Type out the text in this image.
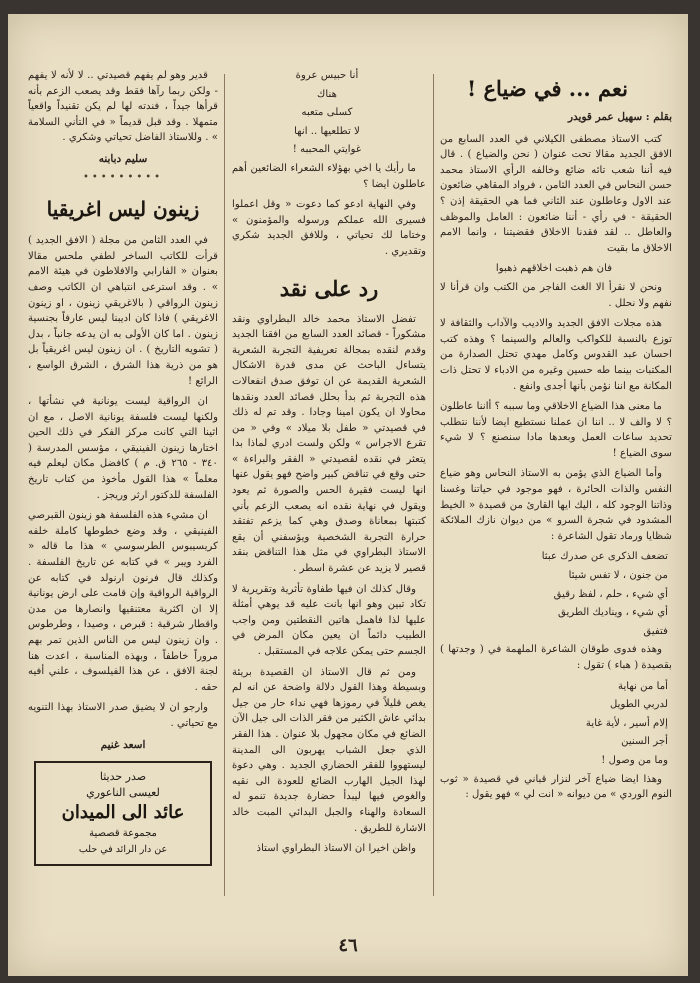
نعم ... في ضياع !
بقلم : سهيل عمر قويدر

كتب الاستاذ مصطفى الكيلاني في العدد السابع من الافق الجديد مقالا تحت عنوان ( نحن والضياع ) . قال فيه أننا شعب تائه ضائع وخالفه الرأي الاستاذ محمد حسن النحاس في العدد الثامن ، فرواد المقاهي ضائعون عند الاول وعاطلون عند الثاني فما هي الحقيقة إذن ؟ الحقيقة - في رأي - أننا ضائعون : العامل والموظف والعاطل .. لقد فقدنا الاخلاق فقضيتنا ، وانما الامم الاخلاق ما بقيت

فان هم ذهبت اخلاقهم ذهبوا

ونحن لا نقرأ الا الغث الفاجر من الكتب وان قرأنا لا نفهم ولا نحلل .

هذه مجلات الافق الجديد والاديب والآداب والثقافة لا توزع بالنسبة للكواكب والعالم والسينما ؟ وهذه كتب احسان عبد القدوس وكامل مهدي تحتل الصدارة من المكتبات بينما طه حسين وغيره من الادباء لا تحتل ذات المكانة مع اننا نؤمن بأنها أجدى وانفع .

ما معنى هذا الضياع الاخلاقي وما سببه ؟ أاننا عاطلون ؟ لا والف لا .. اننا ان عملنا نستطيع ايضا لأننا نتطلب تحديد ساعات العمل وبعدها مادا سنصنع ؟ لا شيء سوى الضياع !

وأما الضياع الذي يؤمن به الاستاذ النحاس وهو ضياع النفس والذات الحائرة ، فهو موجود في حياتنا وغسنا وذاتنا الوجود كله ، اليك ايها القارئ من قصيدة « الخيط المشدود في شجرة السرو » من ديوان نازك الملائكة شظايا ورماد تقول الشاعرة :

تضعف الذكرى عن صدرك عبثا

من جنون ، لا تفس شيئا

أي شيء ، حلم ، لفظ رقيق

أي شيء ، ويناديك الطريق

فتفيق

وهذه فدوى طوقان الشاعرة الملهمة في ( وجدتها ) بقصيدة ( هباء ) تقول :

أما من نهاية

لدربي الطويل

إلام أسير ، لأية غاية

أجر السنين

وما من وصول !

وهذا ايضا ضياع آخر لنزار قباني في قصيدة « ثوب النوم الوردي » من ديوانه « انت لي » فهو يقول :

أنا حبيس عروة

هناك

كسلى متعبه

لا تطلعيها .. انها

غوايتي المحببه !

ما رأيك يا اخي بهؤلاء الشعراء الضائعين أهم عاطلون ايضا ؟

وفي النهاية ادعو كما دعوت « وقل اعملوا فسيرى الله عملكم ورسوله والمؤمنون » وختاما لك تحياتي ، وللافق الجديد شكري وتقديري .

رد على نقد

تفضل الاستاذ محمد خالد البطراوي ونقد مشكوراً - قصائد العدد السابع من افقنا الجديد وقدم لنقده بمجالة تعريفية التجربة الشعرية يتساءل الباحث عن مدى قدرة الاشكال الشعرية القديمة عن ان توفق صدق انفعالات هذه التجربة ثم بدأ بحلل قصائد العدد ونقدها محاولا ان يكون امينا وجادا . وقد تم له ذلك في قصيدتي « طفل بلا ميلاد » وفي « من تقرع الاجراس » ولكن ولست ادري لماذا بدا يتعثر في نقده لقصيدتي « الفقر والبراءة » حتى وقع في تناقض كبير واضح فهو يقول عنها انها ليست فقيرة الحس والصورة ثم يعود ويقول في نهاية نقده انه يصعب الزعم بأني كتبتها بمعاناة وصدق وهي كما يزعم تفتقد حرارة التجربة الشخصية ويؤسفني أن يقع الاستاذ البطراوي في مثل هذا التناقض بنقد قصير لا يزيد عن عشرة اسطر .

وقال كذلك ان فيها طفاوة تأثرية وتقريرية لا تكاد تبين وهو انها بانت عليه قد يوهي أمثلة عليها لذا فاهمل هاتين النقطتين ومن واجب الطبيب دائماً ان يعين مكان المرض في الجسم حتى يمكن علاجه في المستقبل .

ومن ثم قال الاستاذ ان القصيدة بريئة وبسيطة وهذا القول دلالة واضحة عن انه لم يغص قليلاً في رموزها فهي نداء حار من جيل بدائي عاش الكثير من فقر الذات الى جيل الآن الضائع في مكان مجهول بلا عنوان . هذا الفقر الذي جعل الشباب يهربون الى المدينة ليستهووا للفقر الحضاري الجديد . وهي دعوة لهذا الجيل الهارب الضائع للعودة الى نقيه والغوص فيها ليبدأ حضارة جديدة تنمو له السعادة والهناء والجبل البدائي المبت خالد الاشارة للطريق .

واظن اخيرا ان الاستاذ البطراوي استاذ

قدير وهو لم يفهم قصيدتي .. لا لأنه لا يفهم - ولكن ربما رآها فقط وقد يصعب الزعم بأنه قرأها جيداً ، فندته لها لم يكن تقنيداً واقعياً متمهلا . وقد قبل قديماً « في التأني السلامة » . وللاستاذ الفاضل تحياتي وشكري .

سليم دبابنه
•••••••••
زينون ليس اغريقيا

في العدد الثامن من مجلة ( الافق الجديد ) قرأت للكاتب الساخر لطفي ملحس مقالا بعنوان « الفارابي والافلاطون في هيئة الامم » . وقد استرعى انتباهي ان الكاتب وصف زينون الرواقي ( بالاغريقي زينون ، او زينون الاغريقي ) فاذا كان اديبنا ليس عارفاً بجنسية زينون . اما كان الأولى به ان يدعه جانباً ، بدل ( تشويه التاريخ ) . ان زينون ليس اغريقياً بل هو من ذرية هذا الشرق ، الشرق الواسع ، الرائع !

ان الرواقية ليست يونانية في نشأتها ، ولكنها ليست فلسفة يونانية الاصل ، مع ان اثينا التي كانت مركز الفكر في ذلك الحين اختارها زينون الفينيقي ، مؤسس المدرسة ( ٣٤٠ - ٢٦٥ ق. م ) كافضل مكان ليعلم فيه معلماً » هذا القول مأخوذ من كتاب تاريخ الفلسفة للدكتور ارثر وريجز .

ان مشيء هذه الفلسفة هو زينون القبرصي الفينيقي ، وقد وضع خطوطها كاملة خلفه كريسيبوس الطرسوسي » هذا ما قاله « الفرد ويبر » في كتابه عن تاريخ الفلسفة . وكذلك قال فرنون ارنولد في كتابه عن الرواقية الرواقية وإن قامت على ارض يونانية إلا ان اكثرية معتنقيها وانصارها من مدن واقطار شرقية : قبرص ، وصيدا ، وطرطوس . وان زينون ليس من الناس الذين تمر بهم مروراً خاطفاً ، وبهذه المناسبة ، اعدت هنا لجنة الافق ، عن هذا الفيلسوف ، علني أفيه حقه .

وارجو ان لا يضيق صدر الاستاذ بهذا التنويه مع تحياتي .

اسعد غنيم
صدر حديثا
لعيسى الناعوري
عائد الى الميدان
مجموعة قصصية
عن دار الرائد في حلب
٤٦
